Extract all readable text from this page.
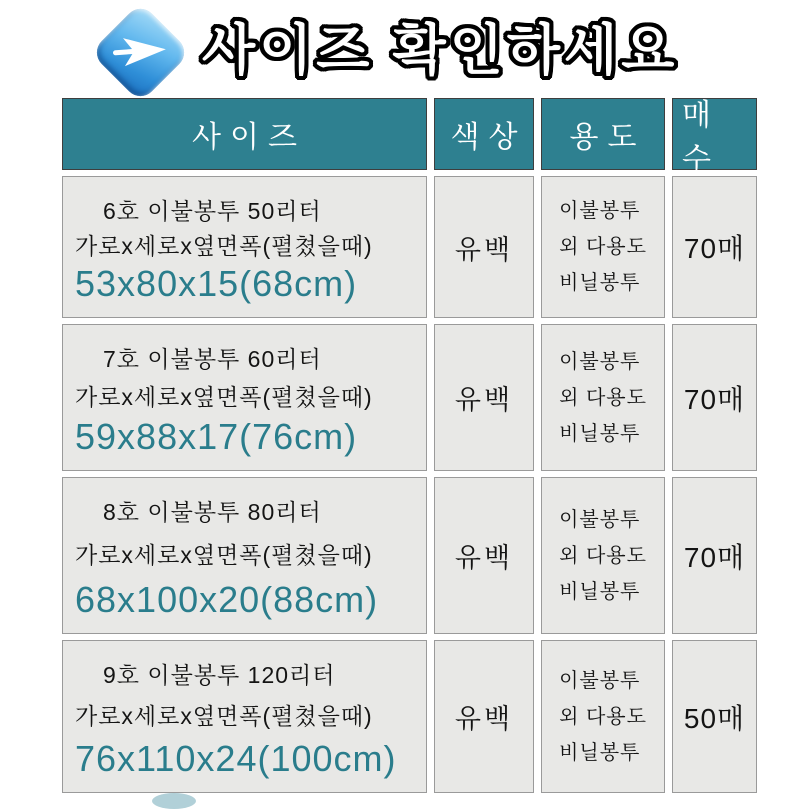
사이즈 확인하세요
사이즈	색상	용도
매수
6호 이불봉투 50리터
가로x세로x옆면폭(펼쳤을때)
53x80x15(68cm)
유백
이불봉투
외 다용도
비닐봉투
70매
7호 이불봉투 60리터
가로x세로x옆면폭(펼쳤을때)
59x88x17(76cm)
유백
이불봉투
외 다용도
비닐봉투
70매
8호 이불봉투 80리터
가로x세로x옆면폭(펼쳤을때)
68x100x20(88cm)
유백
이불봉투
외 다용도
비닐봉투
70매
9호 이불봉투 120리터
가로x세로x옆면폭(펼쳤을때)
76x110x24(100cm)
유백
이불봉투
외 다용도
비닐봉투
50매
